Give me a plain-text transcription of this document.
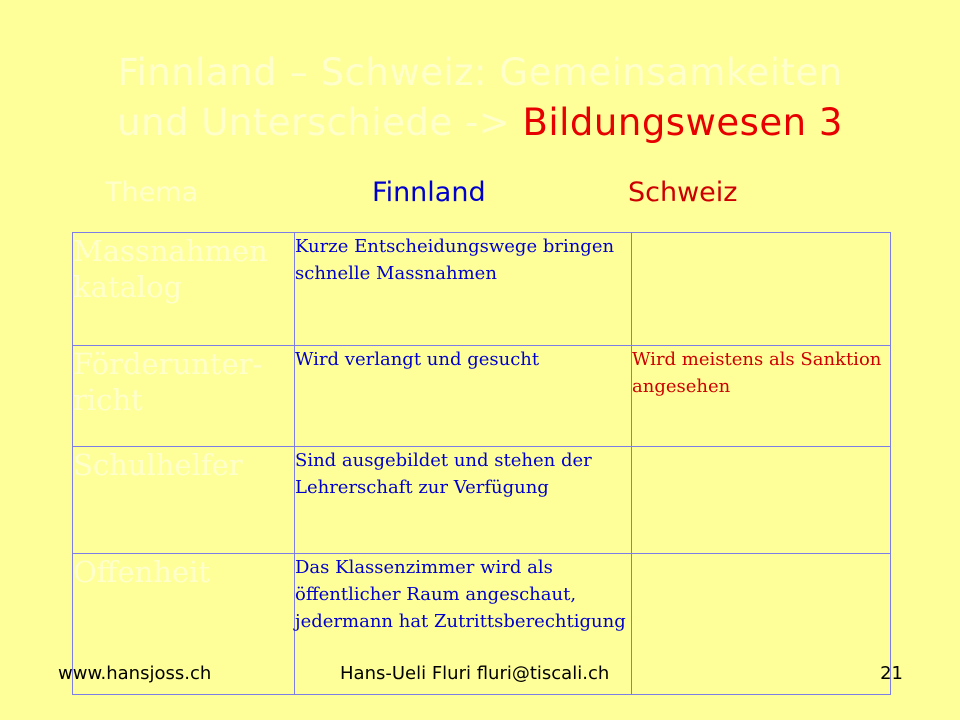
Finnland – Schweiz: Gemeinsamkeiten
und Unterschiede -> Bildungswesen 3
Thema	Finnland	Schweiz
Massnahmen katalog	Kurze Entscheidungswege bringen schnelle Massnahmen	
Förderunter-richt	Wird verlangt und gesucht	Wird meistens als Sanktion angesehen
Schulhelfer	Sind ausgebildet und stehen der Lehrerschaft zur Verfügung	
Offenheit	Das Klassenzimmer wird als öffentlicher Raum angeschaut, jedermann hat Zutrittsberechtigung	
www.hansjoss.ch	Hans-Ueli Fluri fluri@tiscali.ch	21
